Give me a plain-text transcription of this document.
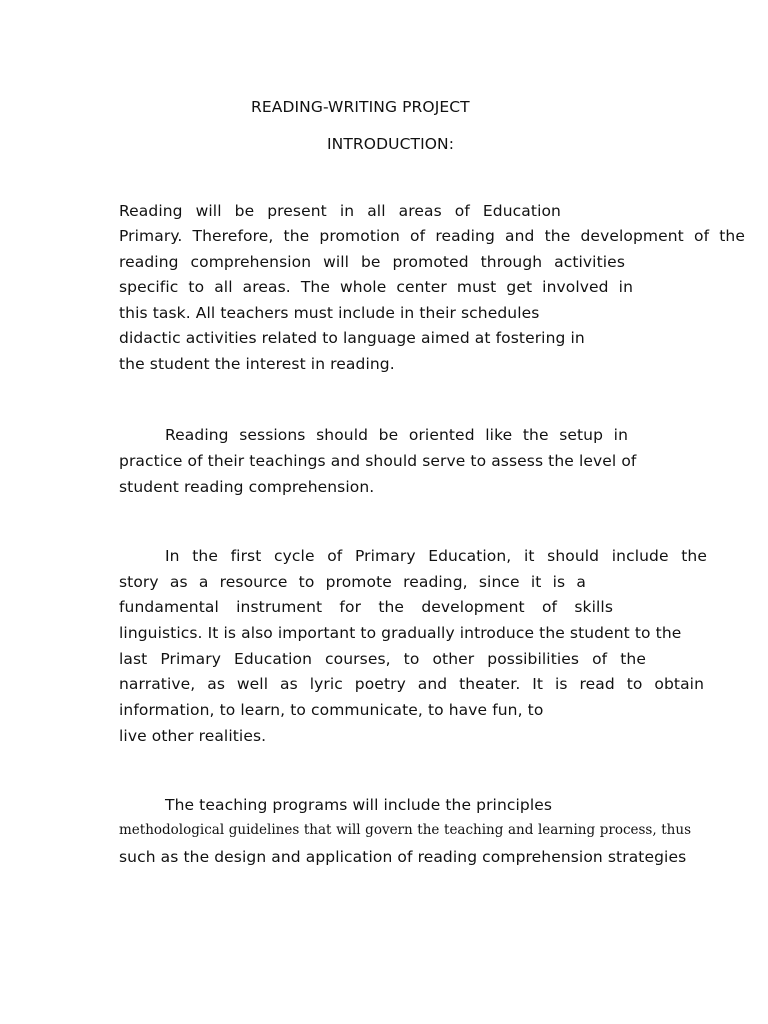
READING-WRITING PROJECT
INTRODUCTION:
Reading will be present in all areas of Education
Primary. Therefore, the promotion of reading and the development of the
reading comprehension will be promoted through activities
specific to all areas. The whole center must get involved in
this task. All teachers must include in their schedules
didactic activities related to language aimed at fostering in
the student the interest in reading.
Reading sessions should be oriented like the setup in
practice of their teachings and should serve to assess the level of
student reading comprehension.
In the first cycle of Primary Education, it should include the
story as a resource to promote reading, since it is a
fundamental instrument for the development of skills
linguistics. It is also important to gradually introduce the student to the
last Primary Education courses, to other possibilities of the
narrative, as well as lyric poetry and theater. It is read to obtain
information, to learn, to communicate, to have fun, to
live other realities.
The teaching programs will include the principles
methodological guidelines that will govern the teaching and learning process, thus
such as the design and application of reading comprehension strategies
